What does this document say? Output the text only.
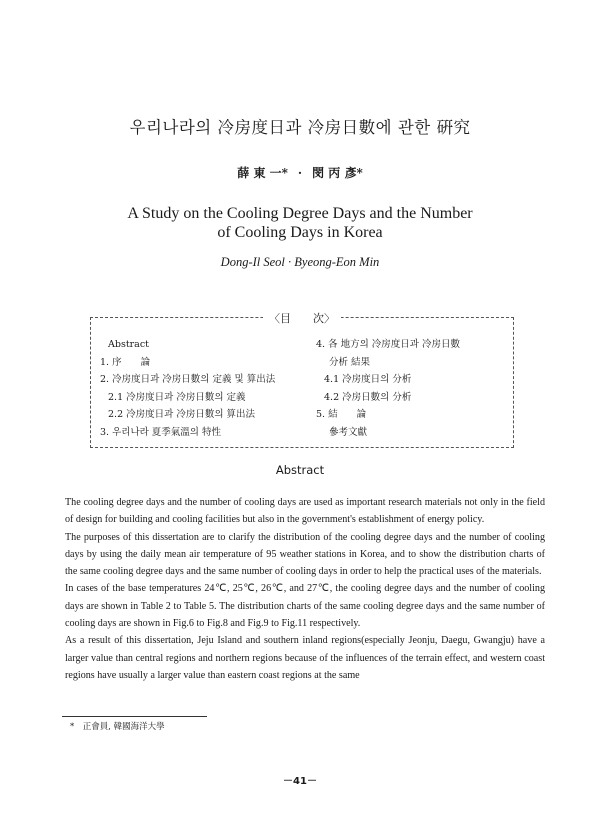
우리나라의 冷房度日과 冷房日數에 관한 硏究
薛 東 一* · 閔 丙 彥*
A Study on the Cooling Degree Days and the Number
of Cooling Days in Korea
Dong-Il Seol · Byeong-Eon Min
〈目　　次〉
Abstract
1. 序　　論
2. 冷房度日과 冷房日數의 定義 및 算出法
2.1 冷房度日과 冷房日數의 定義
2.2 冷房度日과 冷房日數의 算出法
3. 우리나라 夏季氣溫의 特性
4. 各 地方의 冷房度日과 冷房日數
分析 結果
4.1 冷房度日의 分析
4.2 冷房日數의 分析
5. 結　　論
參考文獻
Abstract

The cooling degree days and the number of cooling days are used as important research materials not only in the field of design for building and cooling facilities but also in the government's establishment of energy policy.

The purposes of this dissertation are to clarify the distribution of the cooling degree days and the number of cooling days by using the daily mean air temperature of 95 weather stations in Korea, and to show the distribution charts of the same cooling degree days and the same number of cooling days in order to help the practical uses of the materials.

In cases of the base temperatures 24℃, 25℃, 26℃, and 27℃, the cooling degree days and the number of cooling days are shown in Table 2 to Table 5. The distribution charts of the same cooling degree days and the same number of cooling days are shown in Fig.6 to Fig.8 and Fig.9 to Fig.11 respectively.

As a result of this dissertation, Jeju Island and southern inland regions(especially Jeonju, Daegu, Gwangju) have a larger value than central regions and northern regions because of the influences of the terrain effect, and western coast regions have usually a larger value than eastern coast regions at the same

*　正會員, 韓國海洋大學
－41－
